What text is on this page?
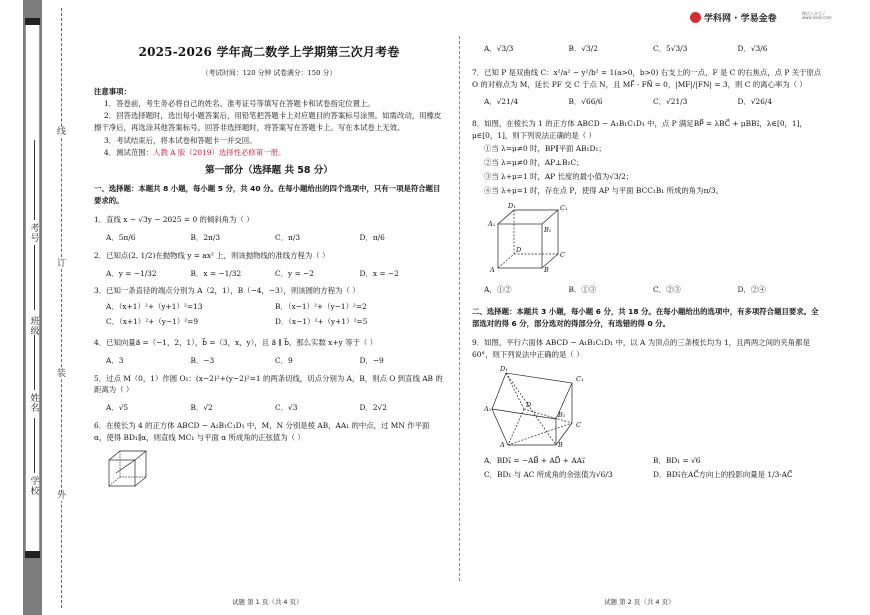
线
订
装
外
学校
姓名
班级
考号
学科网 · 学易金卷
微信公众号 / www.zxxk.com
2025-2026 学年高二数学上学期第三次月考卷
（考试时间：120 分钟 试卷满分：150 分）
注意事项：
1．答卷前，考生务必将自己的姓名、准考证号等填写在答题卡和试卷指定位置上。
2．回答选择题时，选出每小题答案后，用铅笔把答题卡上对应题目的答案标号涂黑。如需改动，用橡皮擦干净后，再选涂其他答案标号。回答非选择题时，将答案写在答题卡上。写在本试卷上无效。
3．考试结束后，将本试卷和答题卡一并交回。
4．测试范围：人教 A 版（2019）选择性必修第一册。
第一部分（选择题 共 58 分）
一、选择题：本题共 8 小题，每小题 5 分，共 40 分。在每小题给出的四个选项中，只有一项是符合题目要求的。
1．直线 x − √3y − 2025 = 0 的倾斜角为（ ）
A．5π/6	B．2π/3	C．π/3	D．π/6
2．已知点(2, 1/2)在抛物线 y = ax² 上，则该抛物线的准线方程为（ ）
A．y = −1/32	B．x = −1/32	C．y = −2	D．x = −2
3．已知一条直径的端点分别为 A（2，1），B（−4，−3），则该圆的方程为（ ）
A．（x+1）²+（y+1）²=13	B．（x−1）²+（y−1）²=2
C．（x+1）²+（y−1）²=9	D．（x−1）²+（y+1）²=5
4．已知向量a⃗ =（−1，2，1），b⃗ =（3，x，y），且 a⃗ ∥ b⃗，那么实数 x+y 等于（ ）
A．3	B．−3	C．9	D．−9
5．过点 M（0，1）作圆 O₁：(x−2)²+(y−2)²=1 的两条切线，切点分别为 A，B，则点 O 到直线 AB 的距离为（ ）
A．√5	B．√2	C．√3	D．2√2
6．在棱长为 4 的正方体 ABCD − A₁B₁C₁D₁ 中，M，N 分别是棱 AB，AA₁ 的中点，过 MN 作平面 α，使得 BD₁∥α，则直线 MC₁ 与平面 α 所成角的正弦值为（ ）
A．√3/3	B．√3/2	C．5√3/3	D．√3/6
7．已知 P 是双曲线 C：x²/a² − y²/b² = 1(a>0，b>0) 右支上的一点，F 是 C 的右焦点，点 P 关于原点 O 的对称点为 M，延长 PF 交 C 于点 N，且 MF⃗ · FN⃗ = 0，|MF|/|FN| = 3，则 C 的离心率为（ ）
A．√21/4	B．√66/6	C．√21/3	D．√26/4
8．如图，在棱长为 1 的正方体 ABCD − A₁B₁C₁D₁ 中，点 P 满足BP⃗ = λBC⃗ + μBB₁⃗，λ∈[0，1]，μ∈[0，1]，则下列说法正确的是（ ）
①当 λ=μ≠0 时，BP∥平面 AB₁D₁；
②当 λ=μ≠0 时，AP⊥B₁C；
③当 λ+μ=1 时，AP 长度的最小值为√3/2；
④当 λ+μ=1 时，存在点 P，使得 AP 与平面 BCC₁B₁ 所成的角为π/3。
A	B
C
D
A₁
B₁
C₁
D₁
A．①②	B．①③	C．②③	D．②④
二、选择题：本题共 3 小题，每小题 6 分，共 18 分。在每小题给出的选项中，有多项符合题目要求。全部选对的得 6 分，部分选对的得部分分，有选错的得 0 分。
9．如图，平行六面体 ABCD − A₁B₁C₁D₁ 中，以 A 为顶点的三条棱长均为 1，且两两之间的夹角都是 60°，则下列说法中正确的是（ ）
D₁
C₁
A₁
B₁
D
C
A	B
A．BD₁⃗ = −AB⃗ + AD⃗ + AA₁⃗	B．BD₁ = √6
C．BD₁ 与 AC 所成角的余弦值为√6/3	D．BD₁⃗在AC⃗方向上的投影向量是 1/3·AC⃗
试题 第 1 页（共 4 页）	试题 第 2 页（共 4 页）
